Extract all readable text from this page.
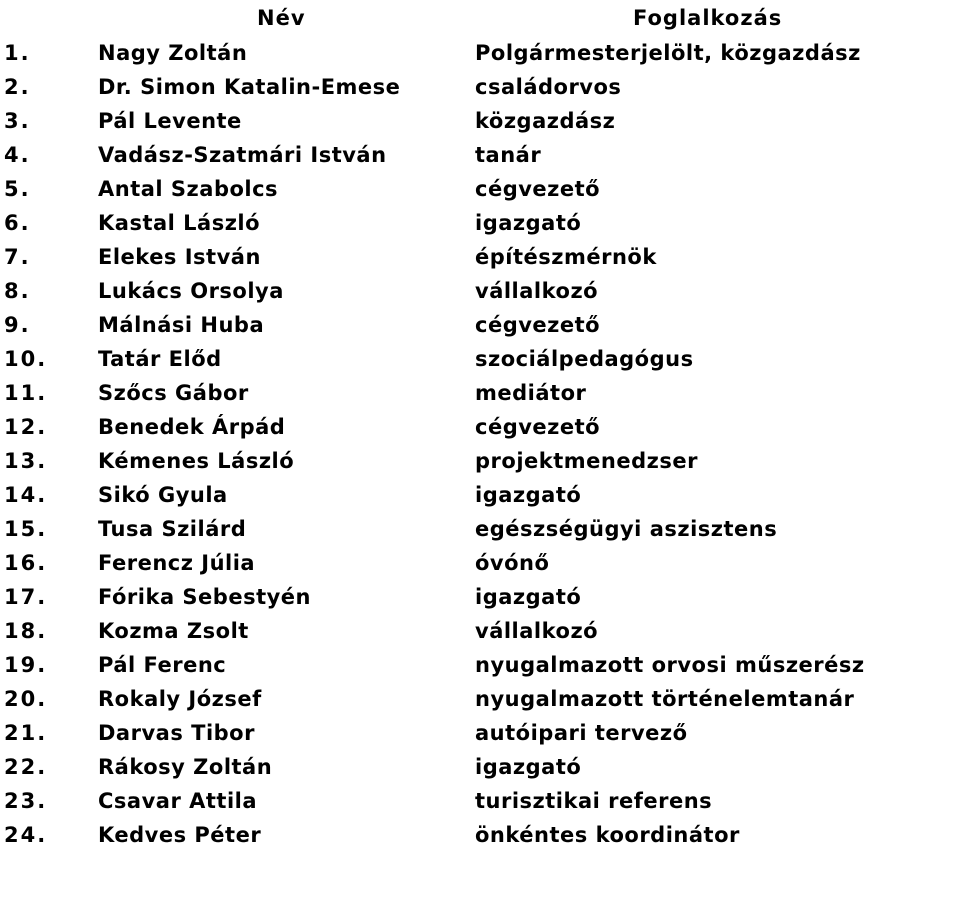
Név	Foglalkozás
1.	Nagy Zoltán	Polgármesterjelölt, közgazdász
2.	Dr. Simon Katalin-Emese	családorvos
3.	Pál Levente	közgazdász
4.	Vadász-Szatmári István	tanár
5.	Antal Szabolcs	cégvezető
6.	Kastal László	igazgató
7.	Elekes István	építészmérnök
8.	Lukács Orsolya	vállalkozó
9.	Málnási Huba	cégvezető
10. Tatár Előd	szociálpedagógus
11. Szőcs Gábor	mediátor
12. Benedek Árpád	cégvezető
13. Kémenes László	projektmenedzser
14. Sikó Gyula	igazgató
15. Tusa Szilárd	egészségügyi aszisztens
16. Ferencz Júlia	óvónő
17. Fórika Sebestyén	igazgató
18. Kozma Zsolt	vállalkozó
19. Pál Ferenc	nyugalmazott orvosi műszerész
20. Rokaly József	nyugalmazott történelemtanár
21. Darvas Tibor	autóipari tervező
22. Rákosy Zoltán	igazgató
23. Csavar Attila	turisztikai referens
24. Kedves Péter	önkéntes koordinátor
